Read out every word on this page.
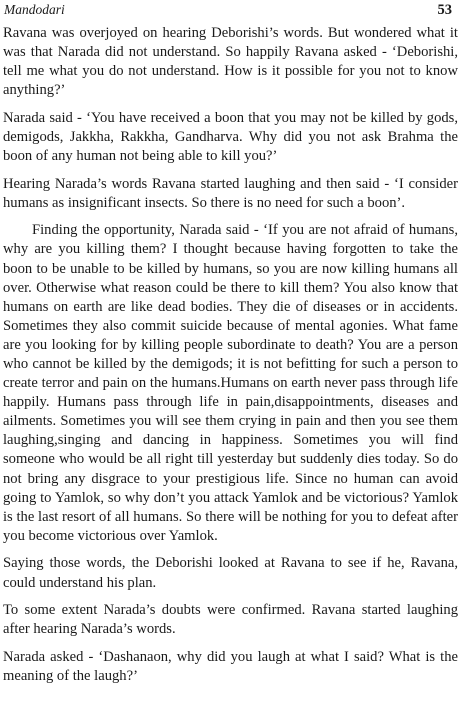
Mandodari	53

Ravana was overjoyed on hearing Deborishi’s words. But wondered what it was that Narada did not understand. So happily Ravana asked - ‘Deborishi, tell me what you do not understand. How is it possible for you not to know anything?’

Narada said - ‘You have received a boon that you may not be killed by gods, demigods, Jakkha, Rakkha, Gandharva. Why did you not ask Brahma the boon of any human not being able to kill you?’

Hearing Narada’s words Ravana started laughing and then said - ‘I consider humans as insignificant insects. So there is no need for such a boon’.

Finding the opportunity, Narada said - ‘If you are not afraid of humans, why are you killing them? I thought because having forgotten to take the boon to be unable to be killed by humans, so you are now killing humans all over. Otherwise what reason could be there to kill them? You also know that humans on earth are like dead bodies. They die of diseases or in accidents. Sometimes they also commit suicide because of mental agonies. What fame are you looking for by killing people subordinate to death? You are a person who cannot be killed by the demigods; it is not befitting for such a person to create terror and pain on the humans.Humans on earth never pass through life happily. Humans pass through life in pain,disappointments, diseases and ailments. Sometimes you will see them crying in pain and then you see them laughing,singing and dancing in happiness. Sometimes you will find someone who would be all right till yesterday but suddenly dies today. So do not bring any disgrace to your prestigious life. Since no human can avoid going to Yamlok, so why don’t you attack Yamlok and be victorious? Yamlok is the last resort of all humans. So there will be nothing for you to defeat after you become victorious over Yamlok.

Saying those words, the Deborishi looked at Ravana to see if he, Ravana, could understand his plan.

To some extent Narada’s doubts were confirmed. Ravana started laughing after hearing Narada’s words.

Narada asked - ‘Dashanaon, why did you laugh at what I said? What is the meaning of the laugh?’
